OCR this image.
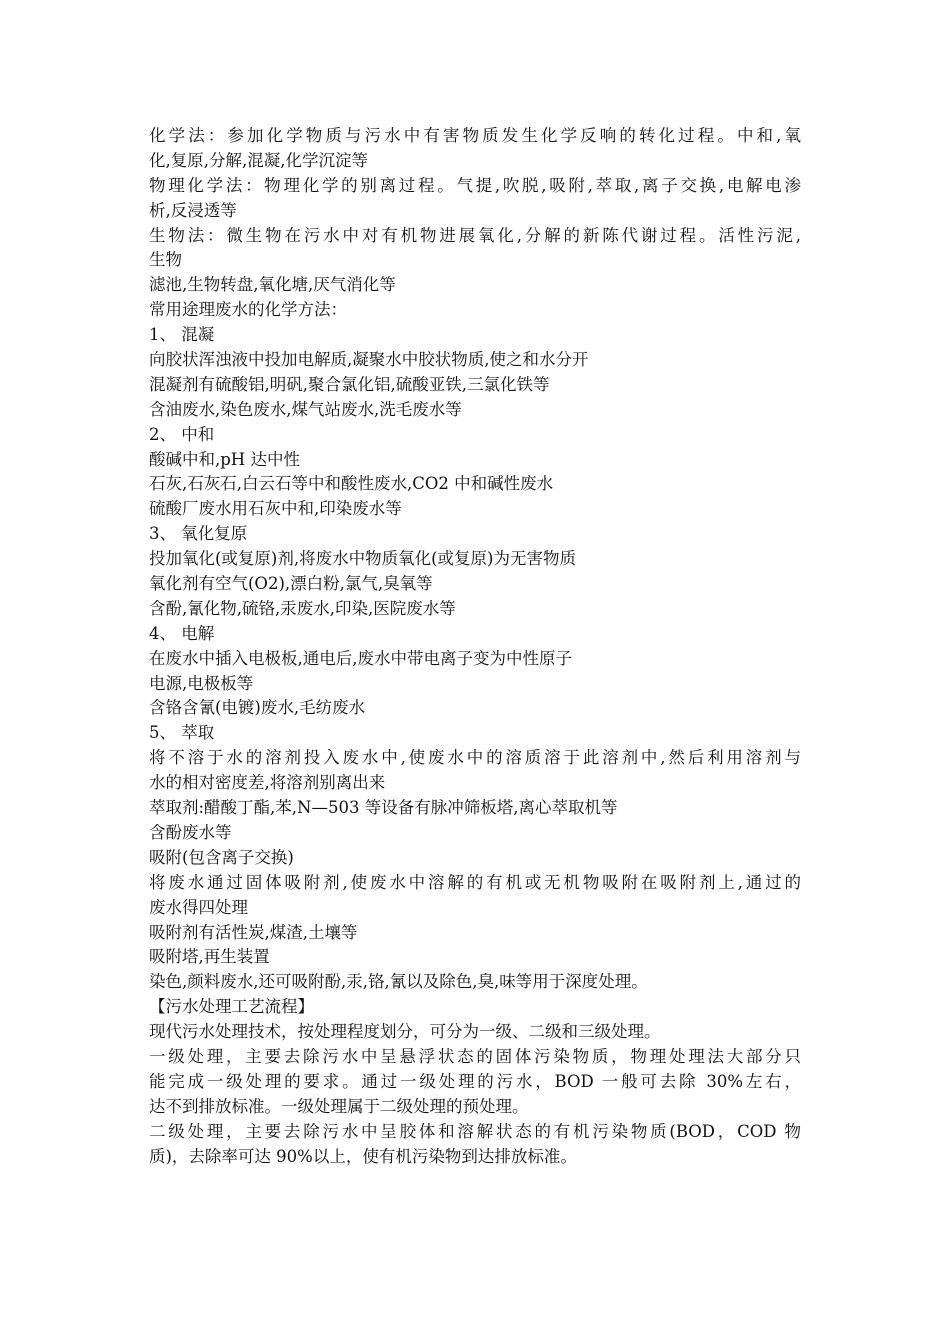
化学法：参加化学物质与污水中有害物质发生化学反响的转化过程。中和,氧
化,复原,分解,混凝,化学沉淀等
物理化学法：物理化学的别离过程。气提,吹脱,吸附,萃取,离子交换,电解电渗
析,反浸透等
生物法：微生物在污水中对有机物进展氧化,分解的新陈代谢过程。活性污泥,
生物
滤池,生物转盘,氧化塘,厌气消化等
常用途理废水的化学方法：
1、 混凝
向胶状浑浊液中投加电解质,凝聚水中胶状物质,使之和水分开
混凝剂有硫酸铝,明矾,聚合氯化铝,硫酸亚铁,三氯化铁等
含油废水,染色废水,煤气站废水,洗毛废水等
2、 中和
酸碱中和,pH 达中性
石灰,石灰石,白云石等中和酸性废水,CO2 中和碱性废水
硫酸厂废水用石灰中和,印染废水等
3、 氧化复原
投加氧化(或复原)剂,将废水中物质氧化(或复原)为无害物质
氧化剂有空气(O2),漂白粉,氯气,臭氧等
含酚,氰化物,硫铬,汞废水,印染,医院废水等
4、 电解
在废水中插入电极板,通电后,废水中带电离子变为中性原子
电源,电极板等
含铬含氰(电镀)废水,毛纺废水
5、 萃取
将不溶于水的溶剂投入废水中,使废水中的溶质溶于此溶剂中,然后利用溶剂与
水的相对密度差,将溶剂别离出来
萃取剂:醋酸丁酯,苯,N—503 等设备有脉冲筛板塔,离心萃取机等
含酚废水等
吸附(包含离子交换)
将废水通过固体吸附剂,使废水中溶解的有机或无机物吸附在吸附剂上,通过的
废水得四处理
吸附剂有活性炭,煤渣,土壤等
吸附塔,再生装置
染色,颜料废水,还可吸附酚,汞,铬,氰以及除色,臭,味等用于深度处理。
【污水处理工艺流程】
现代污水处理技术，按处理程度划分，可分为一级、二级和三级处理。
一级处理，主要去除污水中呈悬浮状态的固体污染物质，物理处理法大部分只
能完成一级处理的要求。通过一级处理的污水，BOD 一般可去除 30%左右，
达不到排放标准。一级处理属于二级处理的预处理。
二级处理，主要去除污水中呈胶体和溶解状态的有机污染物质(BOD，COD 物
质)，去除率可达 90%以上，使有机污染物到达排放标准。
